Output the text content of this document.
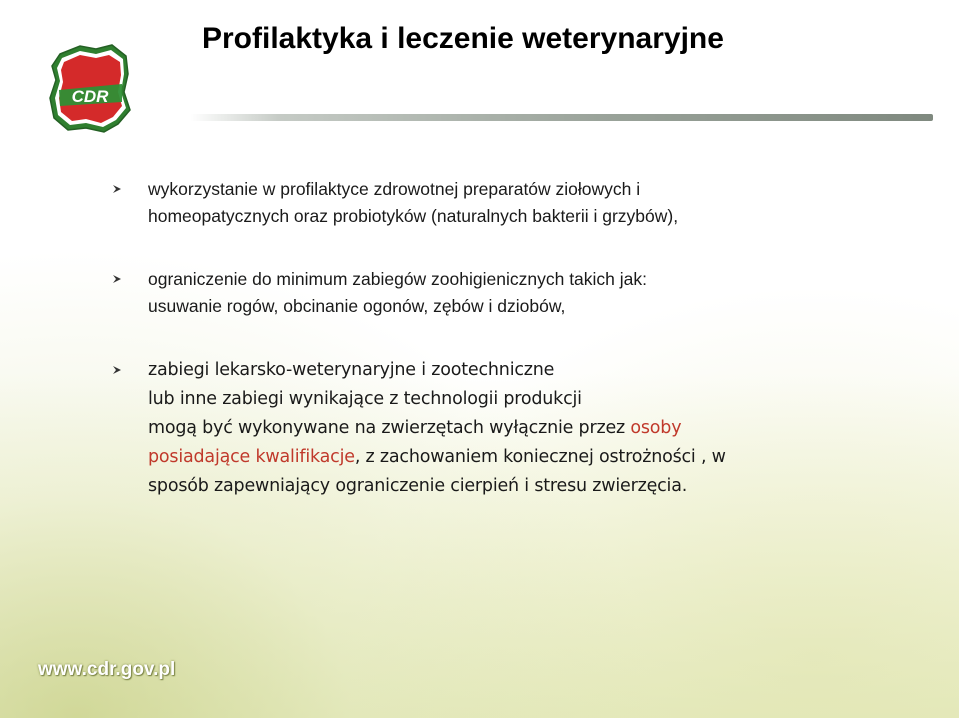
CDR
Profilaktyka i leczenie weterynaryjne
wykorzystanie w profilaktyce zdrowotnej preparatów ziołowych i
homeopatycznych oraz probiotyków (naturalnych bakterii i grzybów),
ograniczenie do minimum zabiegów zoohigienicznych takich jak:
usuwanie rogów, obcinanie ogonów, zębów i dziobów,
zabiegi lekarsko-weterynaryjne i zootechniczne
lub inne zabiegi wynikające z technologii produkcji
mogą być wykonywane na zwierzętach wyłącznie przez osoby
posiadające kwalifikacje, z zachowaniem koniecznej ostrożności , w
sposób zapewniający ograniczenie cierpień i stresu zwierzęcia.
www.cdr.gov.pl
